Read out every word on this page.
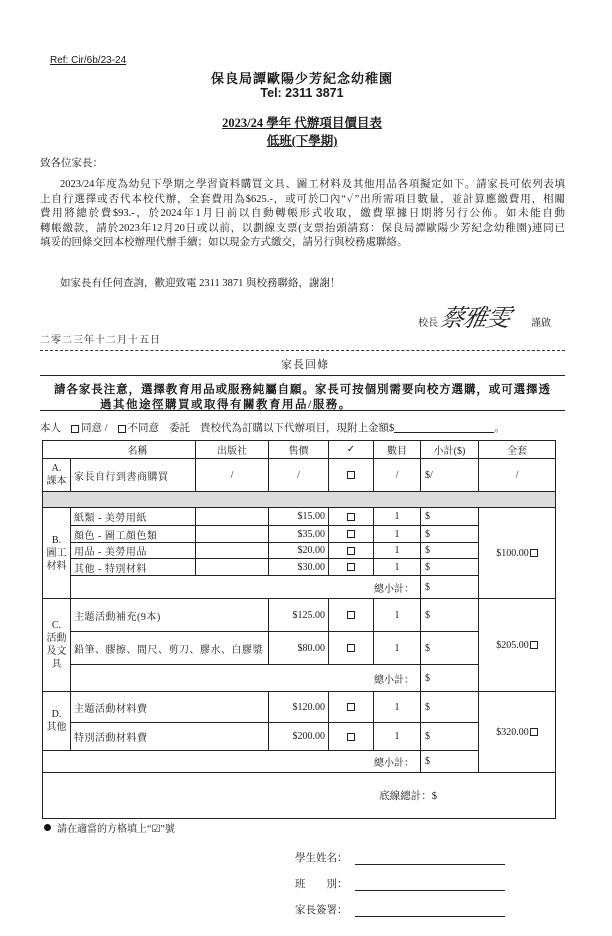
Ref: Cir/6b/23-24
保良局譚歐陽少芳紀念幼稚園
Tel: 2311 3871
2023/24 學年 代辦項目價目表
低班(下學期)
致各位家長：
2023/24年度為幼兒下學期之學習資料購買文具、圖工材料及其他用品各項擬定如下。請家長可依列表填
上自行選擇或否代本校代辦，全套費用為$625.-，或可於☐內“✓”出所需項目數量，並計算應繳費用，相關
費用將總於費$93.-，於2024年1月日前以自動轉帳形式收取，繳費單據日期將另行公佈。如未能自動
轉帳繳款，請於2023年12月20日或以前，以劃線支票(支票抬頭請寫：保良局譚歐陽少芳紀念幼稚園)連同已
填妥的回條交回本校辦理代辦手續；如以現金方式繳交，請另行與校務處聯絡。
如家長有任何查詢，歡迎致電 2311 3871 與校務聯絡，謝謝！
校長 蔡雅雯 謹啟
二零二三年十二月十五日
家長回條
請各家長注意，選擇教育用品或服務純屬自願。家長可按個別需要向校方選購，或可選擇透
過其他途徑購買或取得有關教育用品/服務。
本人	同意 /	不同意 委託 貴校代為訂購以下代辦項目，現附上金額$	。
名稱		出版社	售價	✓	數目	小計($)	全套

A.
課本	家長自行到書商購買	/	/		/	$/	/

B.
圖工材料	紙類 - 美勞用紙		$15.00		1	$	$100.00
	顏色 - 圖工顏色類		$35.00		1	$	
	用品 - 美勞用品		$20.00		1	$	
	其他 - 特別材料		$30.00		1	$	
	總小計：					$	

C.
活動及文具	主題活動補充(9本)		$125.00		1	$	$205.00
	鉛筆、膠擦、間尺、剪刀、膠水、白膠漿		$80.00		1	$	
	總小計：					$	

D.
其他	主題活動材料費		$120.00		1	$	$320.00
	特別活動材料費		$200.00		1	$	
總小計：						$	
底線總計：$							
請在適當的方格填上“☑”號
學生姓名：
班　　別：
家長簽署：
